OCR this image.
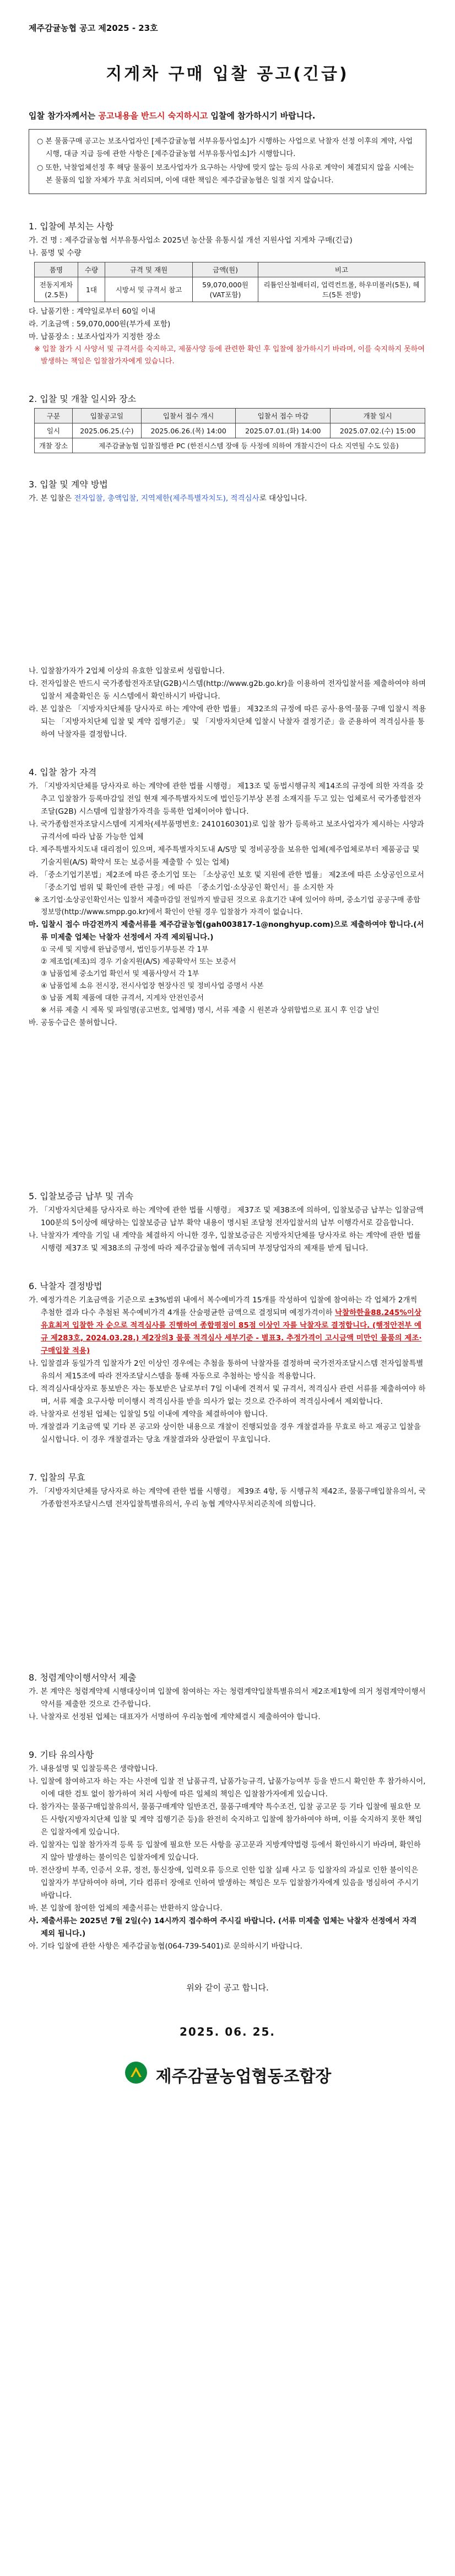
제주감귤농협 공고 제2025 - 23호
지게차 구매 입찰 공고(긴급)
입찰 참가자께서는 공고내용을 반드시 숙지하시고 입찰에 참가하시기 바랍니다.

○ 본 물품구매 공고는 보조사업자인 [제주감귤농협 서부유통사업소]가 시행하는 사업으로 낙찰자 선정 이후의 계약, 사업 시행, 대금 지급 등에 관한 사항은 [제주감귤농협 서부유통사업소]가 시행합니다.

○ 또한, 낙찰업체선정 후 해당 물품이 보조사업자가 요구하는 사양에 맞지 않는 등의 사유로 계약이 체결되지 않을 시에는 본 물품의 입찰 자체가 무효 처리되며, 이에 대한 책임은 제주감귤농협은 일절 지지 않습니다.

1. 입찰에 부치는 사항

가. 건 명 : 제주감귤농협 서부유통사업소 2025년 농산물 유통시설 개선 지원사업 지게차 구매(긴급)

나. 품명 및 수량

품명	수량	규격 및 재원	금액(원)	비고
전동지게차 (2.5톤)	1대	시방서 및 규격서 참고	59,070,000원 (VAT포함)	리튬인산철배터리, 업력컨트롤, 하우미롤러(5톤), 헤드(5톤 전방)

다. 납품기한 : 계약일로부터 60일 이내

라. 기초금액 : 59,070,000원(부가세 포함)

마. 납품장소 : 보조사업자가 지정한 장소

※ 입찰 참가 시 사양서 및 규격서를 숙지하고, 제품사양 등에 관련한 확인 후 입찰에 참가하시기 바라며, 이를 숙지하지 못하여 발생하는 책임은 입찰참가자에게 있습니다.

2. 입찰 및 개찰 일시와 장소
구분	입찰공고일	입찰서 접수 개시	입찰서 접수 마감	개찰 일시
일시	2025.06.25.(수)	2025.06.26.(목) 14:00	2025.07.01.(화) 14:00	2025.07.02.(수) 15:00
개찰 장소	제주감귤농협 입찰집행관 PC (한전시스템 장애 등 사정에 의하여 개찰시간이 다소 지연될 수도 있음)			
3. 입찰 및 계약 방법

가. 본 입찰은 전자입찰, 총액입찰, 지역제한(제주특별자치도), 적격심사로 대상입니다.

나. 입찰참가자가 2업체 이상의 유효한 입찰로써 성립합니다.

다. 전자입찰은 반드시 국가종합전자조달(G2B)시스템(http://www.g2b.go.kr)을 이용하여 전자입찰서를 제출하여야 하며 입찰서 제출확인은 동 시스템에서 확인하시기 바랍니다.

라. 본 입찰은 「지방자치단체를 당사자로 하는 계약에 관한 법률」 제32조의 규정에 따른 공사·용역·물품 구매 입찰시 적용되는 「지방자치단체 입찰 및 계약 집행기준」 및 「지방자치단체 입찰시 낙찰자 결정기준」을 준용하여 적격심사를 통하여 낙찰자를 결정합니다.

4. 입찰 참가 자격

가. 「지방자치단체를 당사자로 하는 계약에 관한 법률 시행령」 제13조 및 동법시행규칙 제14조의 규정에 의한 자격을 갖추고 입찰참가 등록마감일 전일 현재 제주특별자치도에 법인등기부상 본점 소재지를 두고 있는 업체로서 국가종합전자조달(G2B) 시스템에 입찰참가자격을 등록한 업체이어야 합니다.

나. 국가종합전자조달시스템에 지게차(세부품명번호: 2410160301)로 입찰 참가 등록하고 보조사업자가 제시하는 사양과 규격서에 따라 납품 가능한 업체

다. 제주특별자치도내 대리점이 있으며, 제주특별자치도내 A/S망 및 정비공장을 보유한 업체(제주업체로부터 제품공급 및 기술지원(A/S) 확약서 또는 보증서를 제출할 수 있는 업체)

라. 「중소기업기본법」제2조에 따른 중소기업 또는 「소상공인 보호 및 지원에 관한 법률」 제2조에 따른 소상공인으로서 「중소기업 범위 및 확인에 관한 규정」에 따른 「중소기업·소상공인 확인서」를 소지한 자

※ 조기업·소상공인확인서는 입찰서 제출마감일 전일까지 발급된 것으로 유효기간 내에 있어야 하며, 중소기업 공공구매 종합정보망(http://www.smpp.go.kr)에서 확인이 안될 경우 입찰참가 자격이 없습니다.

마. 입찰시 접수 마감전까지 제출서류를 제주감귤농협(gah003817-1@nonghyup.com)으로 제출하여야 합니다.(서류 미제출 업체는 낙찰자 선정에서 자격 제외됩니다.)

① 국세 및 지방세 완납증명서, 법인등기부등본 각 1부

② 제조업(제조)의 경우 기술지원(A/S) 제공확약서 또는 보증서

③ 납품업체 중소기업 확인서 및 제품사양서 각 1부

④ 납품업체 소유 전시장, 전시사업장 현장사진 및 정비사업 증명서 사본

⑤ 납품 계획 제품에 대한 규격서, 지게차 안전인증서

※ 서류 제출 시 제목 및 파일명(공고번호, 업체명) 명시, 서류 제출 시 원본과 상위합법으로 표시 후 인감 날인

바. 공동수급은 불허합니다.

5. 입찰보증금 납부 및 귀속

가. 「지방자치단체를 당사자로 하는 계약에 관한 법률 시행령」 제37조 및 제38조에 의하여, 입찰보증금 납부는 입찰금액 100분의 5이상에 해당하는 입찰보증금 납부 확약 내용이 명시된 조달청 전자입찰서의 납부 이행각서로 갈음합니다.

나. 낙찰자가 계약을 기일 내 계약을 체결하지 아니한 경우, 입찰보증금은 지방자치단체를 당사자로 하는 계약에 관한 법률 시행령 제37조 및 제38조의 규정에 따라 제주감귤농협에 귀속되며 부정당업자의 제재를 받게 됩니다.

6. 낙찰자 결정방법

가. 예정가격은 기초금액을 기준으로 ±3%범위 내에서 복수예비가격 15개를 작성하여 입찰에 참여하는 각 업체가 2개씩 추첨한 결과 다수 추첨된 복수예비가격 4개를 산술평균한 금액으로 결정되며 예정가격이하 낙찰하한율88.245%이상 유효최저 입찰한 자 순으로 적격심사를 진행하여 종합평점이 85점 이상인 자를 낙찰자로 결정합니다. (행정안전부 예규 제283호, 2024.03.28.) 제2장의3 물품 적격심사 세부기준 - 별표3. 추정가격이 고시금액 미만인 물품의 제조·구매입찰 적용)

나. 입찰결과 동일가격 입찰자가 2인 이상인 경우에는 추첨을 통하여 낙찰자를 결정하며 국가전자조달시스템 전자입찰특별유의서 제15조에 따라 전자조달시스템을 통해 자동으로 추첨하는 방식을 적용합니다.

다. 적격심사대상자로 통보받은 자는 통보받은 날로부터 7일 이내에 견적서 및 규격서, 적격심사 관련 서류를 제출하여야 하며, 서류 제출 요구사항 미이행시 적격심사를 받을 의사가 없는 것으로 간주하여 적격심사에서 제외합니다.

라. 낙찰자로 선정된 업체는 입찰일 5일 이내에 계약을 체결하여야 합니다.

마. 개찰결과 기초금액 및 기타 본 공고와 상이한 내용으로 개찰이 진행되었을 경우 개찰결과를 무효로 하고 재공고 입찰을 실시합니다. 이 경우 개찰결과는 당초 개찰결과와 상관없이 무효입니다.

7. 입찰의 무효

가. 「지방자치단체를 당사자로 하는 계약에 관한 법률 시행령」 제39조 4항, 동 시행규칙 제42조, 물품구매입찰유의서, 국가종합전자조달시스템 전자입찰특별유의서, 우리 농협 계약사무처리준칙에 의합니다.

8. 청렴계약이행서약서 제출

가. 본 계약은 청렴계약제 시행대상이며 입찰에 참여하는 자는 청렴계약입찰특별유의서 제2조제1항에 의거 청렴계약이행서약서를 제출한 것으로 간주합니다.

나. 낙찰자로 선정된 업체는 대표자가 서명하여 우리농협에 계약체결시 제출하여야 합니다.

9. 기타 유의사항

가. 내용설명 및 입찰등록은 생략합니다.

나. 입찰에 참여하고자 하는 자는 사전에 입찰 전 납품규격, 납품가능규격, 납품가능여부 등을 반드시 확인한 후 참가하시어, 이에 대한 검토 없이 참가하여 처리 사항에 따른 일체의 책임은 입찰참가자에게 있습니다.

다. 참가자는 물품구매입찰유의서, 물품구매계약 일반조건, 물품구매계약 특수조건, 입찰 공고문 등 기타 입찰에 필요한 모든 사항(지방자치단체 입찰 및 계약 집행기준 등)을 완전히 숙지하고 입찰에 참가하여야 하며, 이를 숙지하지 못한 책임은 입찰자에게 있습니다.

라. 입찰자는 입찰 참가자격 등록 등 입찰에 필요한 모든 사항을 공고문과 지방계약법령 등에서 확인하시기 바라며, 확인하지 않아 발생하는 불이익은 입찰자에게 있습니다.

마. 전산장비 부족, 인증서 오류, 정전, 통신장애, 입력오류 등으로 인한 입찰 실패 사고 등 입찰자의 과실로 인한 불이익은 입찰자가 부담하여야 하며, 기타 컴퓨터 장애로 인하여 발생하는 책임은 모두 입찰참가자에게 있음을 명심하여 주시기 바랍니다.

바. 본 입찰에 참여한 업체의 제출서류는 반환하지 않습니다.

사. 제출서류는 2025년 7월 2일(수) 14시까지 접수하여 주시길 바랍니다. (서류 미제출 업체는 낙찰자 선정에서 자격 제외 됩니다.)

아. 기타 입찰에 관한 사항은 제주감귤농협(064-739-5401)로 문의하시기 바랍니다.

위와 같이 공고 합니다.
2025. 06. 25.
제주감귤농업협동조합장
